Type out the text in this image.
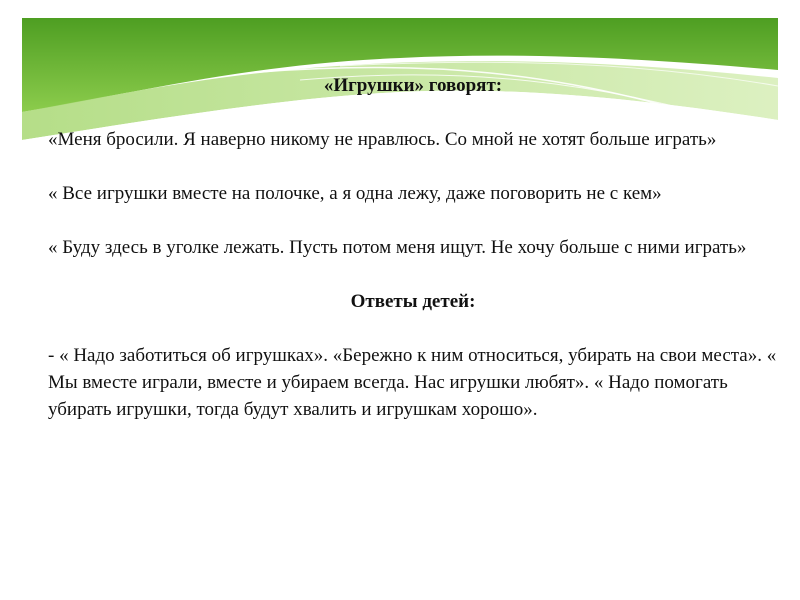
«Игрушки» говорят:

«Меня бросили. Я наверно никому не нравлюсь. Со мной не хотят больше играть»

« Все игрушки вместе на полочке, а я одна лежу, даже поговорить не с кем»

« Буду здесь в уголке лежать. Пусть потом меня ищут. Не хочу больше с ними играть»

Ответы детей:

- « Надо заботиться об игрушках». «Бережно к ним относиться, убирать на свои места». « Мы вместе играли, вместе и убираем всегда. Нас игрушки любят». « Надо помогать убирать игрушки, тогда будут хвалить и игрушкам хорошо».
